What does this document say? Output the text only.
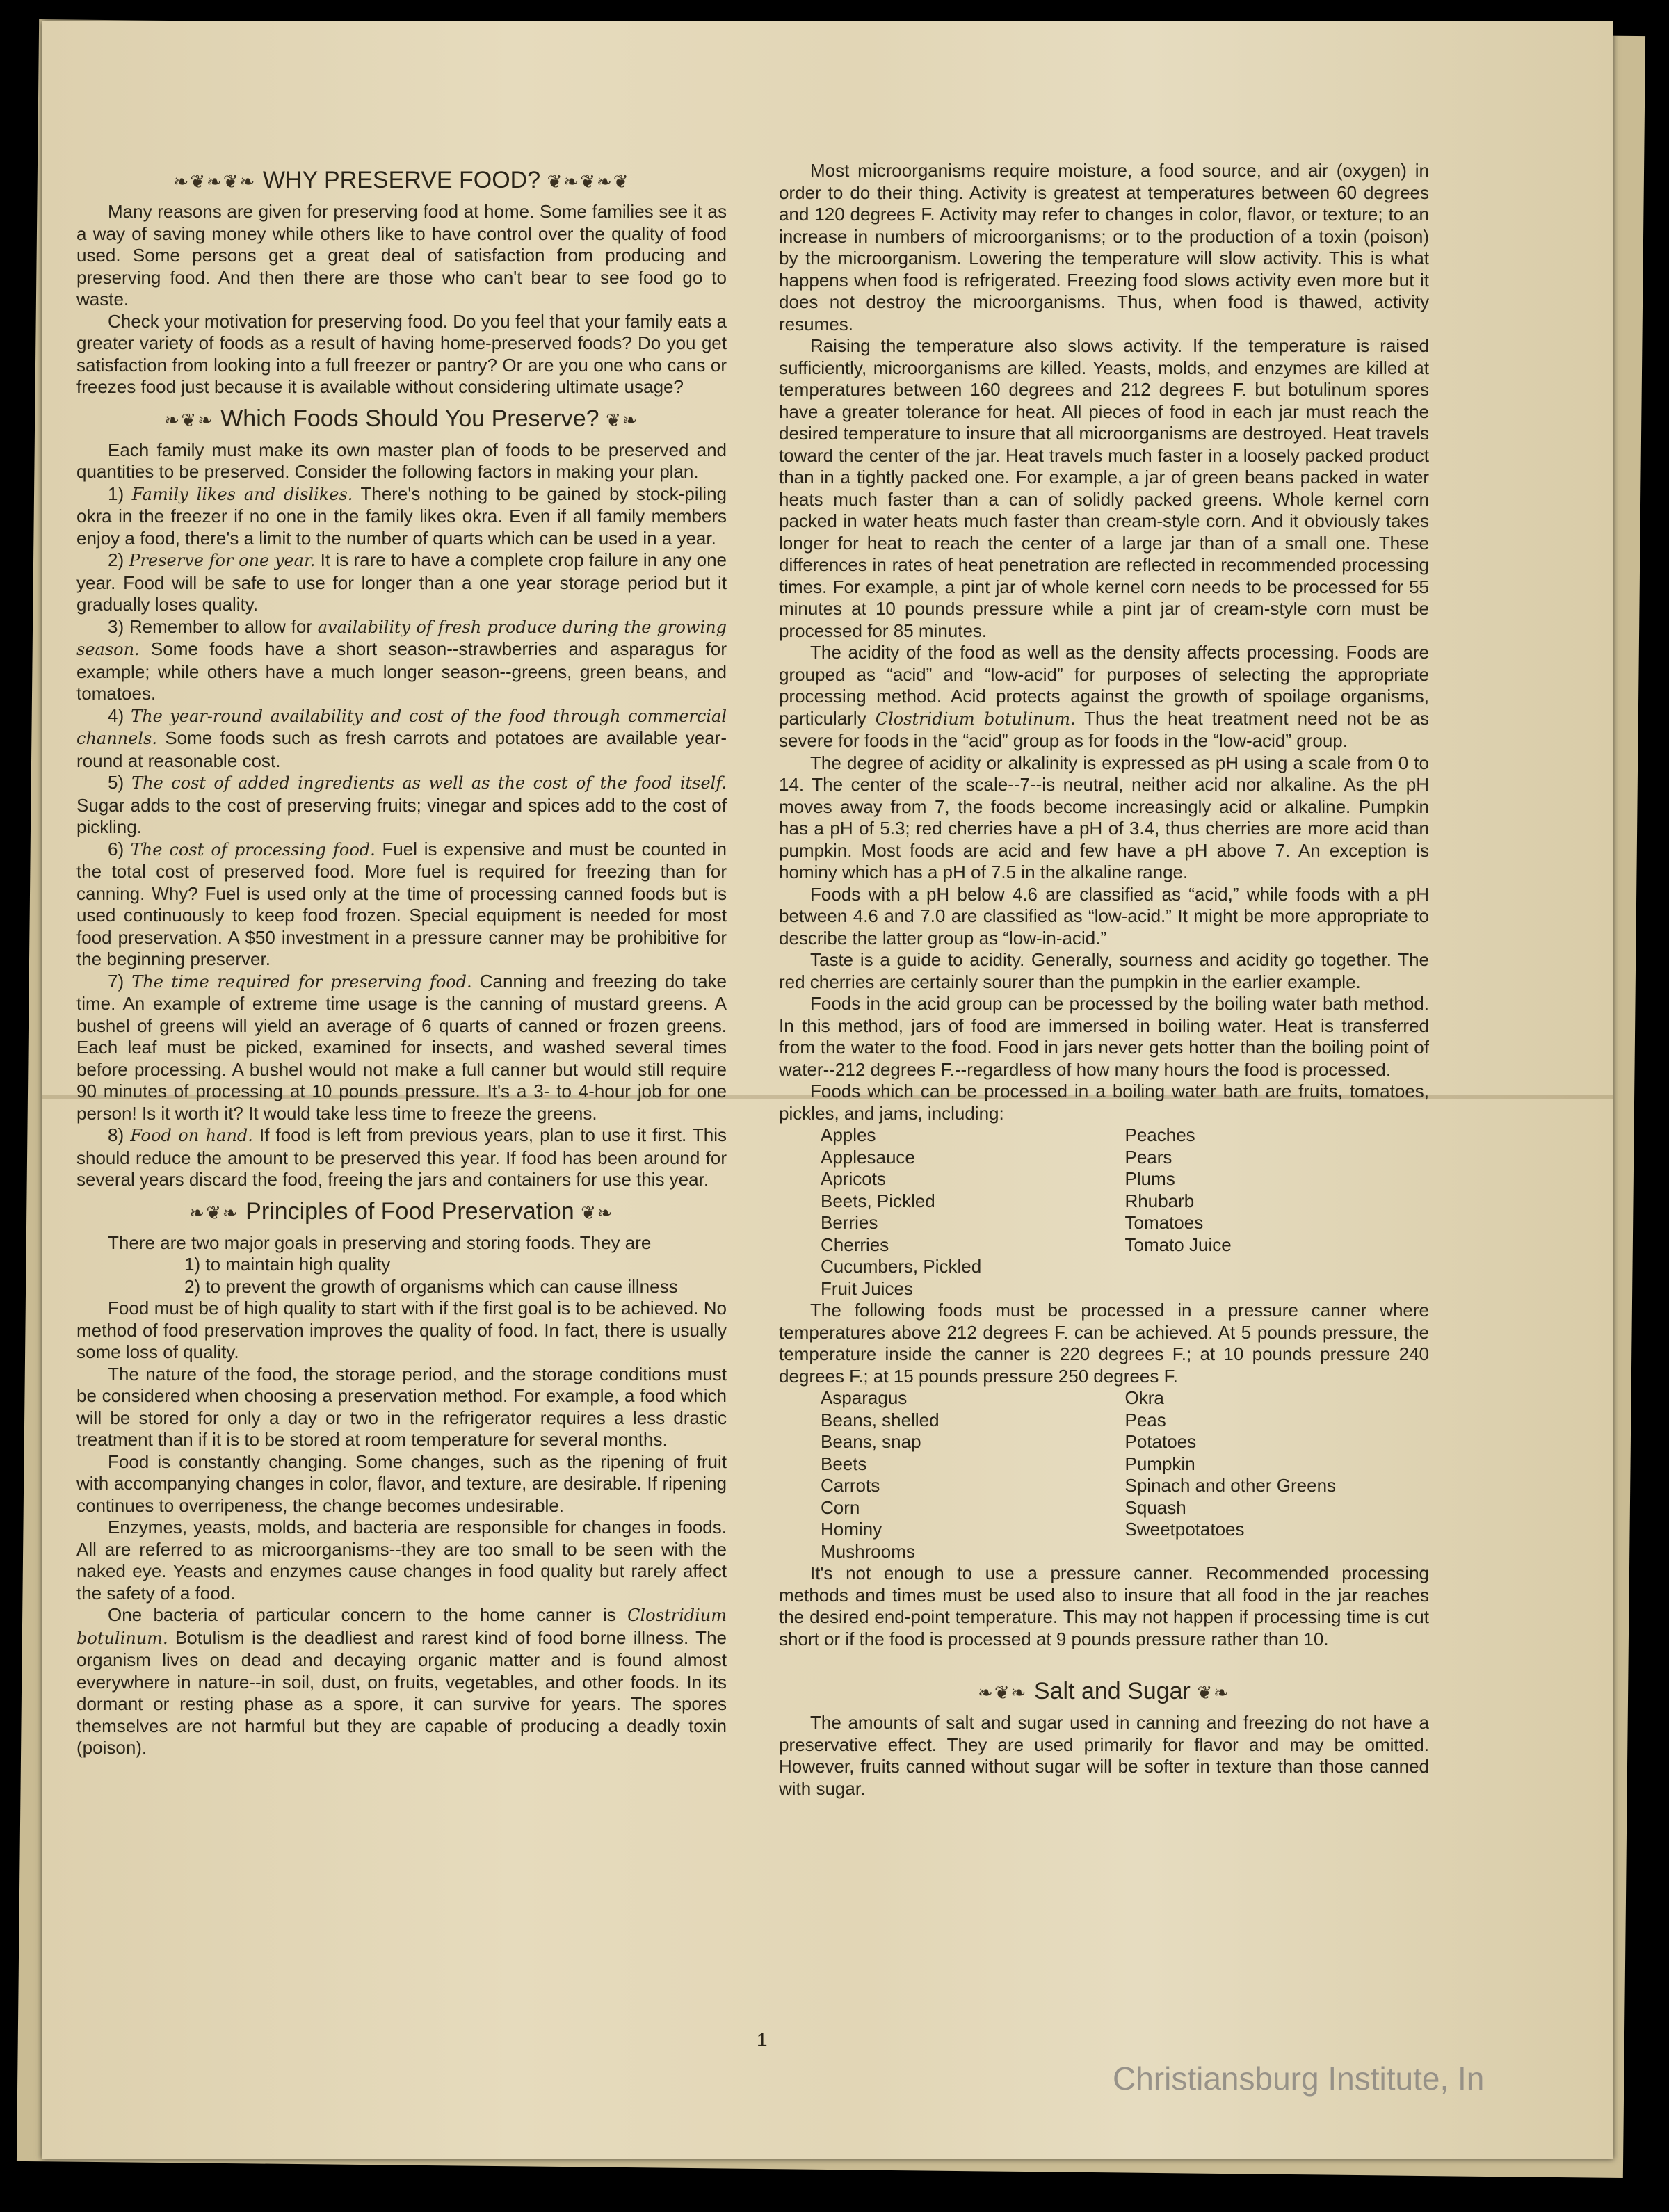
❧❦❧❦❧ WHY PRESERVE FOOD? ❦❧❦❧❦

Many reasons are given for preserving food at home. Some families see it as a way of saving money while others like to have control over the quality of food used. Some persons get a great deal of satisfaction from producing and preserving food. And then there are those who can't bear to see food go to waste.

Check your motivation for preserving food. Do you feel that your family eats a greater variety of foods as a result of having home-preserved foods? Do you get satisfaction from looking into a full freezer or pantry? Or are you one who cans or freezes food just because it is available without considering ultimate usage?

❧❦❧ Which Foods Should You Preserve? ❦❧

Each family must make its own master plan of foods to be preserved and quantities to be preserved. Consider the following factors in making your plan.

1) Family likes and dislikes. There's nothing to be gained by stock-piling okra in the freezer if no one in the family likes okra. Even if all family members enjoy a food, there's a limit to the number of quarts which can be used in a year.

2) Preserve for one year. It is rare to have a complete crop failure in any one year. Food will be safe to use for longer than a one year storage period but it gradually loses quality.

3) Remember to allow for availability of fresh produce during the growing season. Some foods have a short season--strawberries and asparagus for example; while others have a much longer season--greens, green beans, and tomatoes.

4) The year-round availability and cost of the food through commercial channels. Some foods such as fresh carrots and potatoes are available year-round at reasonable cost.

5) The cost of added ingredients as well as the cost of the food itself. Sugar adds to the cost of preserving fruits; vinegar and spices add to the cost of pickling.

6) The cost of processing food. Fuel is expensive and must be counted in the total cost of preserved food. More fuel is required for freezing than for canning. Why? Fuel is used only at the time of processing canned foods but is used continuously to keep food frozen. Special equipment is needed for most food preservation. A $50 investment in a pressure canner may be prohibitive for the beginning preserver.

7) The time required for preserving food. Canning and freezing do take time. An example of extreme time usage is the canning of mustard greens. A bushel of greens will yield an average of 6 quarts of canned or frozen greens. Each leaf must be picked, examined for insects, and washed several times before processing. A bushel would not make a full canner but would still require 90 minutes of processing at 10 pounds pressure. It's a 3- to 4-hour job for one person! Is it worth it? It would take less time to freeze the greens.

8) Food on hand. If food is left from previous years, plan to use it first. This should reduce the amount to be preserved this year. If food has been around for several years discard the food, freeing the jars and containers for use this year.

❧❦❧ Principles of Food Preservation ❦❧

There are two major goals in preserving and storing foods. They are

1) to maintain high quality
2) to prevent the growth of organisms which can cause illness

Food must be of high quality to start with if the first goal is to be achieved. No method of food preservation improves the quality of food. In fact, there is usually some loss of quality.

The nature of the food, the storage period, and the storage conditions must be considered when choosing a preservation method. For example, a food which will be stored for only a day or two in the refrigerator requires a less drastic treatment than if it is to be stored at room temperature for several months.

Food is constantly changing. Some changes, such as the ripening of fruit with accompanying changes in color, flavor, and texture, are desirable. If ripening continues to overripeness, the change becomes undesirable.

Enzymes, yeasts, molds, and bacteria are responsible for changes in foods. All are referred to as microorganisms--they are too small to be seen with the naked eye. Yeasts and enzymes cause changes in food quality but rarely affect the safety of a food.

One bacteria of particular concern to the home canner is Clostridium botulinum. Botulism is the deadliest and rarest kind of food borne illness. The organism lives on dead and decaying organic matter and is found almost everywhere in nature--in soil, dust, on fruits, vegetables, and other foods. In its dormant or resting phase as a spore, it can survive for years. The spores themselves are not harmful but they are capable of producing a deadly toxin (poison).

Most microorganisms require moisture, a food source, and air (oxygen) in order to do their thing. Activity is greatest at temperatures between 60 degrees and 120 degrees F. Activity may refer to changes in color, flavor, or texture; to an increase in numbers of microorganisms; or to the production of a toxin (poison) by the microorganism. Lowering the temperature will slow activity. This is what happens when food is refrigerated. Freezing food slows activity even more but it does not destroy the microorganisms. Thus, when food is thawed, activity resumes.

Raising the temperature also slows activity. If the temperature is raised sufficiently, microorganisms are killed. Yeasts, molds, and enzymes are killed at temperatures between 160 degrees and 212 degrees F. but botulinum spores have a greater tolerance for heat. All pieces of food in each jar must reach the desired temperature to insure that all microorganisms are destroyed. Heat travels toward the center of the jar. Heat travels much faster in a loosely packed product than in a tightly packed one. For example, a jar of green beans packed in water heats much faster than a can of solidly packed greens. Whole kernel corn packed in water heats much faster than cream-style corn. And it obviously takes longer for heat to reach the center of a large jar than of a small one. These differences in rates of heat penetration are reflected in recommended processing times. For example, a pint jar of whole kernel corn needs to be processed for 55 minutes at 10 pounds pressure while a pint jar of cream-style corn must be processed for 85 minutes.

The acidity of the food as well as the density affects processing. Foods are grouped as “acid” and “low-acid” for purposes of selecting the appropriate processing method. Acid protects against the growth of spoilage organisms, particularly Clostridium botulinum. Thus the heat treatment need not be as severe for foods in the “acid” group as for foods in the “low-acid” group.

The degree of acidity or alkalinity is expressed as pH using a scale from 0 to 14. The center of the scale--7--is neutral, neither acid nor alkaline. As the pH moves away from 7, the foods become increasingly acid or alkaline. Pumpkin has a pH of 5.3; red cherries have a pH of 3.4, thus cherries are more acid than pumpkin. Most foods are acid and few have a pH above 7. An exception is hominy which has a pH of 7.5 in the alkaline range.

Foods with a pH below 4.6 are classified as “acid,” while foods with a pH between 4.6 and 7.0 are classified as “low-acid.” It might be more appropriate to describe the latter group as “low-in-acid.”

Taste is a guide to acidity. Generally, sourness and acidity go together. The red cherries are certainly sourer than the pumpkin in the earlier example.

Foods in the acid group can be processed by the boiling water bath method. In this method, jars of food are immersed in boiling water. Heat is transferred from the water to the food. Food in jars never gets hotter than the boiling point of water--212 degrees F.--regardless of how many hours the food is processed.

Foods which can be processed in a boiling water bath are fruits, tomatoes, pickles, and jams, including:

Apples
Applesauce
Apricots
Beets, Pickled
Berries
Cherries
Cucumbers, Pickled
Fruit Juices
Peaches
Pears
Plums
Rhubarb
Tomatoes
Tomato Juice

The following foods must be processed in a pressure canner where temperatures above 212 degrees F. can be achieved. At 5 pounds pressure, the temperature inside the canner is 220 degrees F.; at 10 pounds pressure 240 degrees F.; at 15 pounds pressure 250 degrees F.

Asparagus
Beans, shelled
Beans, snap
Beets
Carrots
Corn
Hominy
Mushrooms
Okra
Peas
Potatoes
Pumpkin
Spinach and other Greens
Squash
Sweetpotatoes

It's not enough to use a pressure canner. Recommended processing methods and times must be used also to insure that all food in the jar reaches the desired end-point temperature. This may not happen if processing time is cut short or if the food is processed at 9 pounds pressure rather than 10.

❧❦❧ Salt and Sugar ❦❧

The amounts of salt and sugar used in canning and freezing do not have a preservative effect. They are used primarily for flavor and may be omitted. However, fruits canned without sugar will be softer in texture than those canned with sugar.

1
Christiansburg Institute, In
